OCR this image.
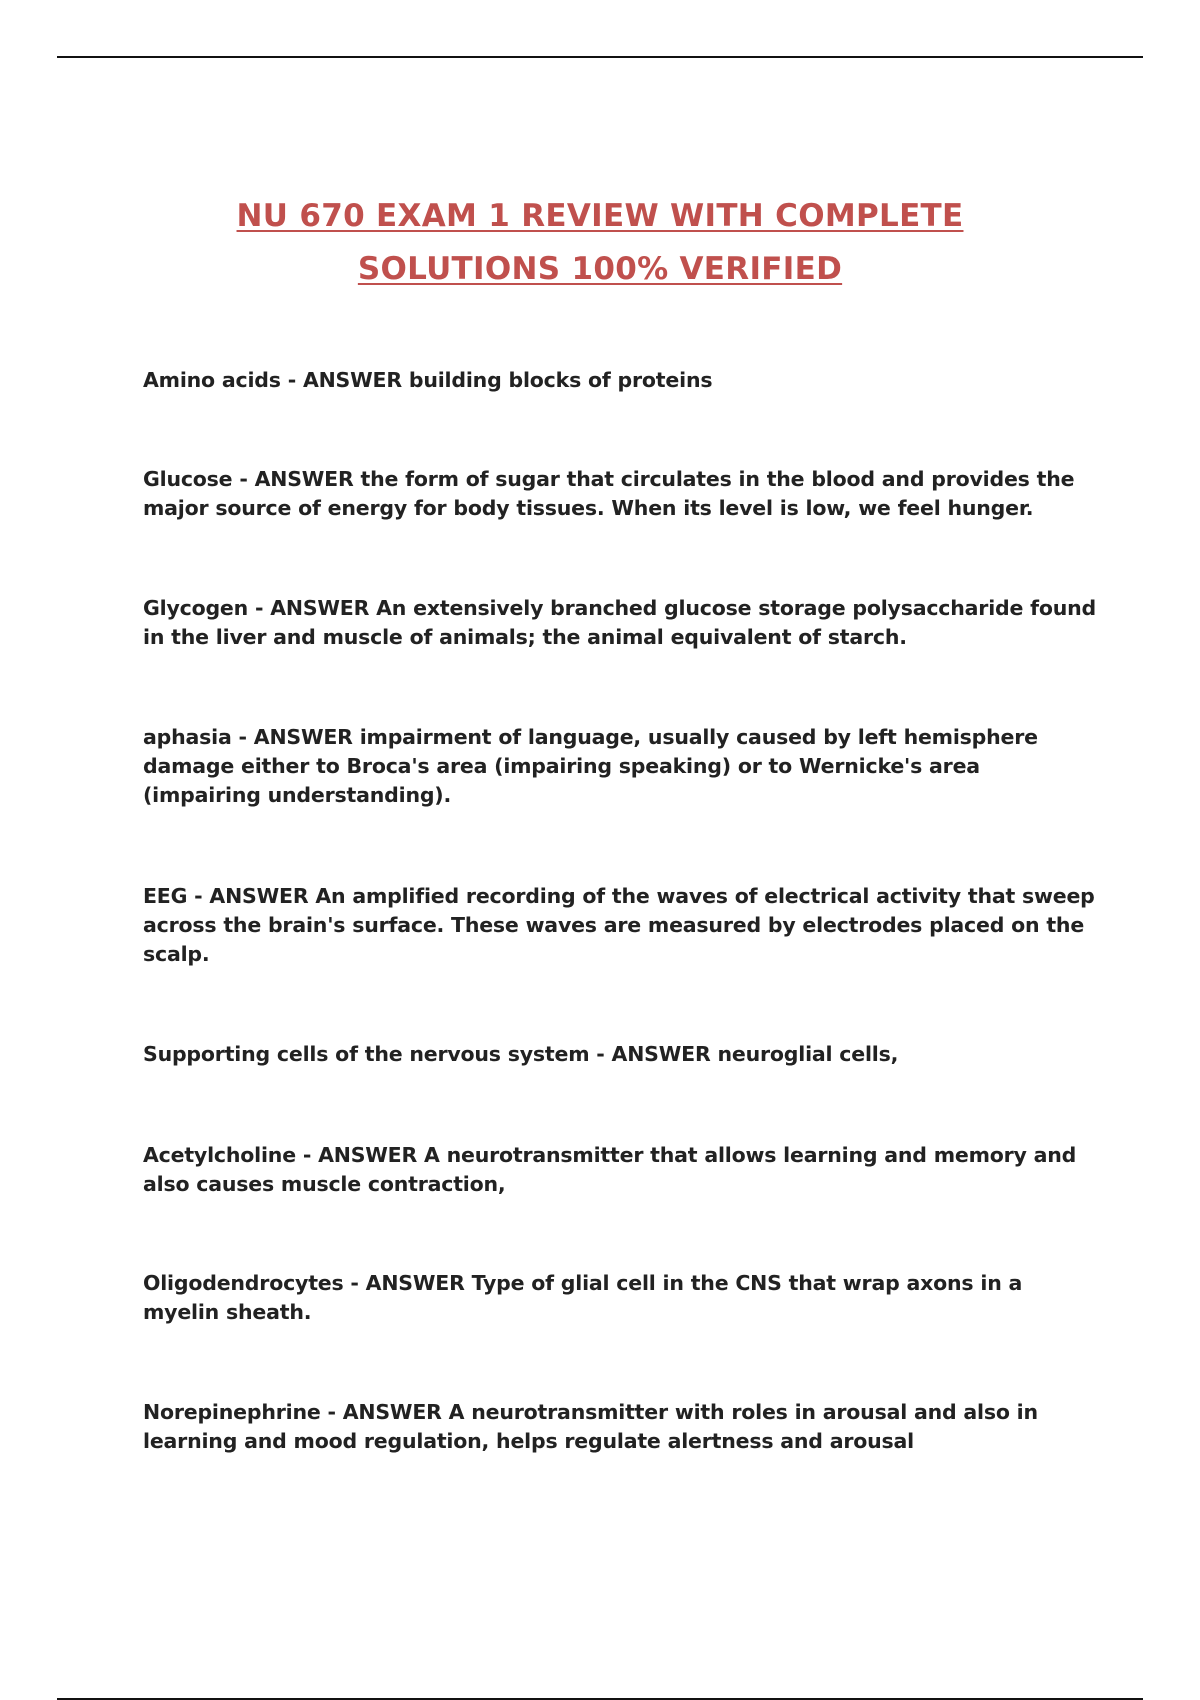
NU 670 EXAM 1 REVIEW WITH COMPLETE
SOLUTIONS 100% VERIFIED
Amino acids - ANSWER building blocks of proteins
Glucose - ANSWER the form of sugar that circulates in the blood and provides the major source of energy for body tissues. When its level is low, we feel hunger.
Glycogen - ANSWER An extensively branched glucose storage polysaccharide found in the liver and muscle of animals; the animal equivalent of starch.
aphasia - ANSWER impairment of language, usually caused by left hemisphere damage either to Broca's area (impairing speaking) or to Wernicke's area (impairing understanding).
EEG - ANSWER An amplified recording of the waves of electrical activity that sweep across the brain's surface. These waves are measured by electrodes placed on the scalp.
Supporting cells of the nervous system - ANSWER neuroglial cells,
Acetylcholine - ANSWER A neurotransmitter that allows learning and memory and also causes muscle contraction,
Oligodendrocytes - ANSWER Type of glial cell in the CNS that wrap axons in a myelin sheath.
Norepinephrine - ANSWER A neurotransmitter with roles in arousal and also in learning and mood regulation, helps regulate alertness and arousal
